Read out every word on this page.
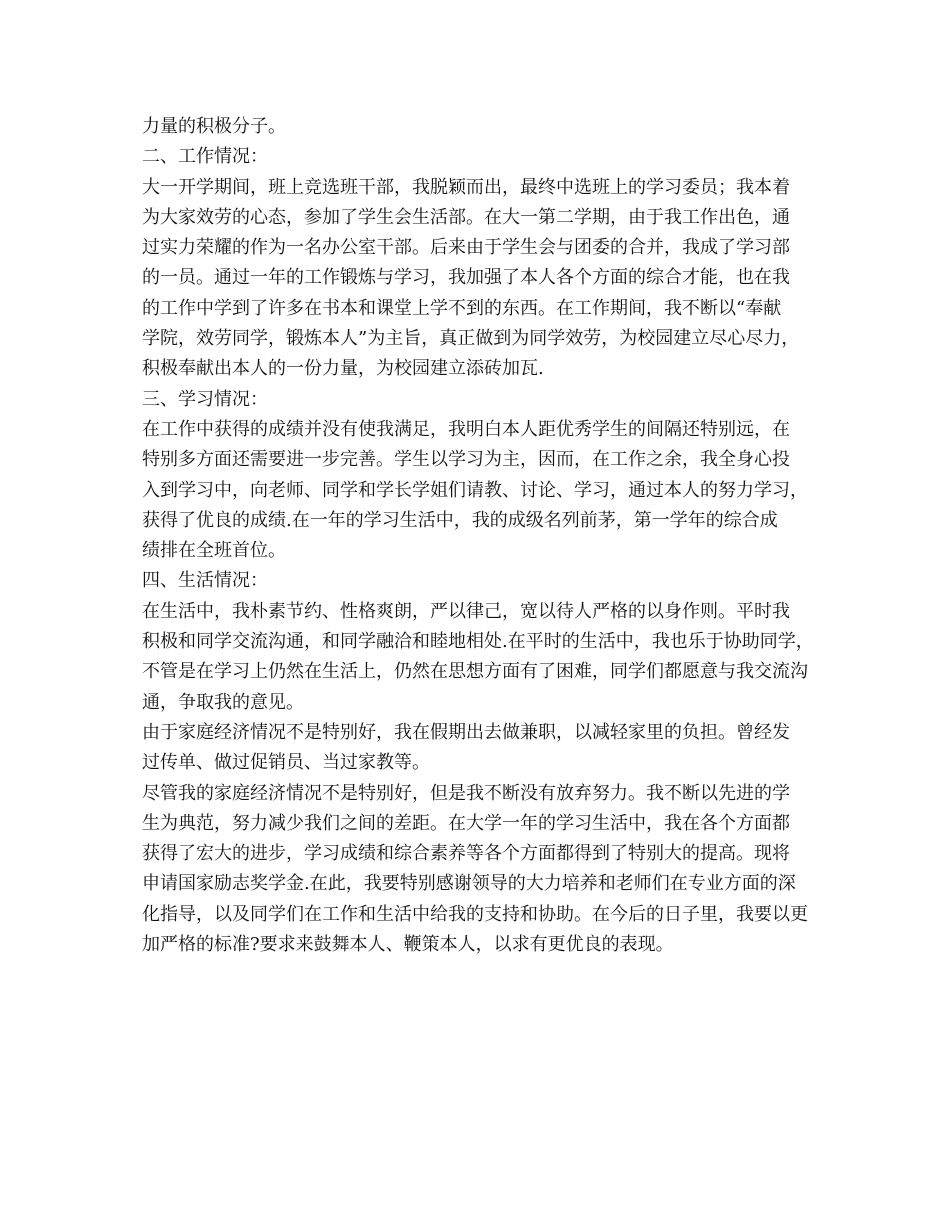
力量的积极分子。
二、工作情况：
大一开学期间，班上竞选班干部，我脱颖而出，最终中选班上的学习委员；我本着
为大家效劳的心态，参加了学生会生活部。在大一第二学期，由于我工作出色，通
过实力荣耀的作为一名办公室干部。后来由于学生会与团委的合并，我成了学习部
的一员。通过一年的工作锻炼与学习，我加强了本人各个方面的综合才能，也在我
的工作中学到了许多在书本和课堂上学不到的东西。在工作期间，我不断以“奉献
学院，效劳同学，锻炼本人”为主旨，真正做到为同学效劳，为校园建立尽心尽力，
积极奉献出本人的一份力量，为校园建立添砖加瓦.
三、学习情况：
在工作中获得的成绩并没有使我满足，我明白本人距优秀学生的间隔还特别远，在
特别多方面还需要进一步完善。学生以学习为主，因而，在工作之余，我全身心投
入到学习中，向老师、同学和学长学姐们请教、讨论、学习，通过本人的努力学习，
获得了优良的成绩.在一年的学习生活中，我的成级名列前茅，第一学年的综合成
绩排在全班首位。
四、生活情况：
在生活中，我朴素节约、性格爽朗，严以律己，宽以待人严格的以身作则。平时我
积极和同学交流沟通，和同学融洽和睦地相处.在平时的生活中，我也乐于协助同学，
不管是在学习上仍然在生活上，仍然在思想方面有了困难，同学们都愿意与我交流沟
通，争取我的意见。
由于家庭经济情况不是特别好，我在假期出去做兼职，以减轻家里的负担。曾经发
过传单、做过促销员、当过家教等。
尽管我的家庭经济情况不是特别好，但是我不断没有放弃努力。我不断以先进的学
生为典范，努力减少我们之间的差距。在大学一年的学习生活中，我在各个方面都
获得了宏大的进步，学习成绩和综合素养等各个方面都得到了特别大的提高。现将
申请国家励志奖学金.在此，我要特别感谢领导的大力培养和老师们在专业方面的深
化指导，以及同学们在工作和生活中给我的支持和协助。在今后的日子里，我要以更
加严格的标准?要求来鼓舞本人、鞭策本人，以求有更优良的表现。
